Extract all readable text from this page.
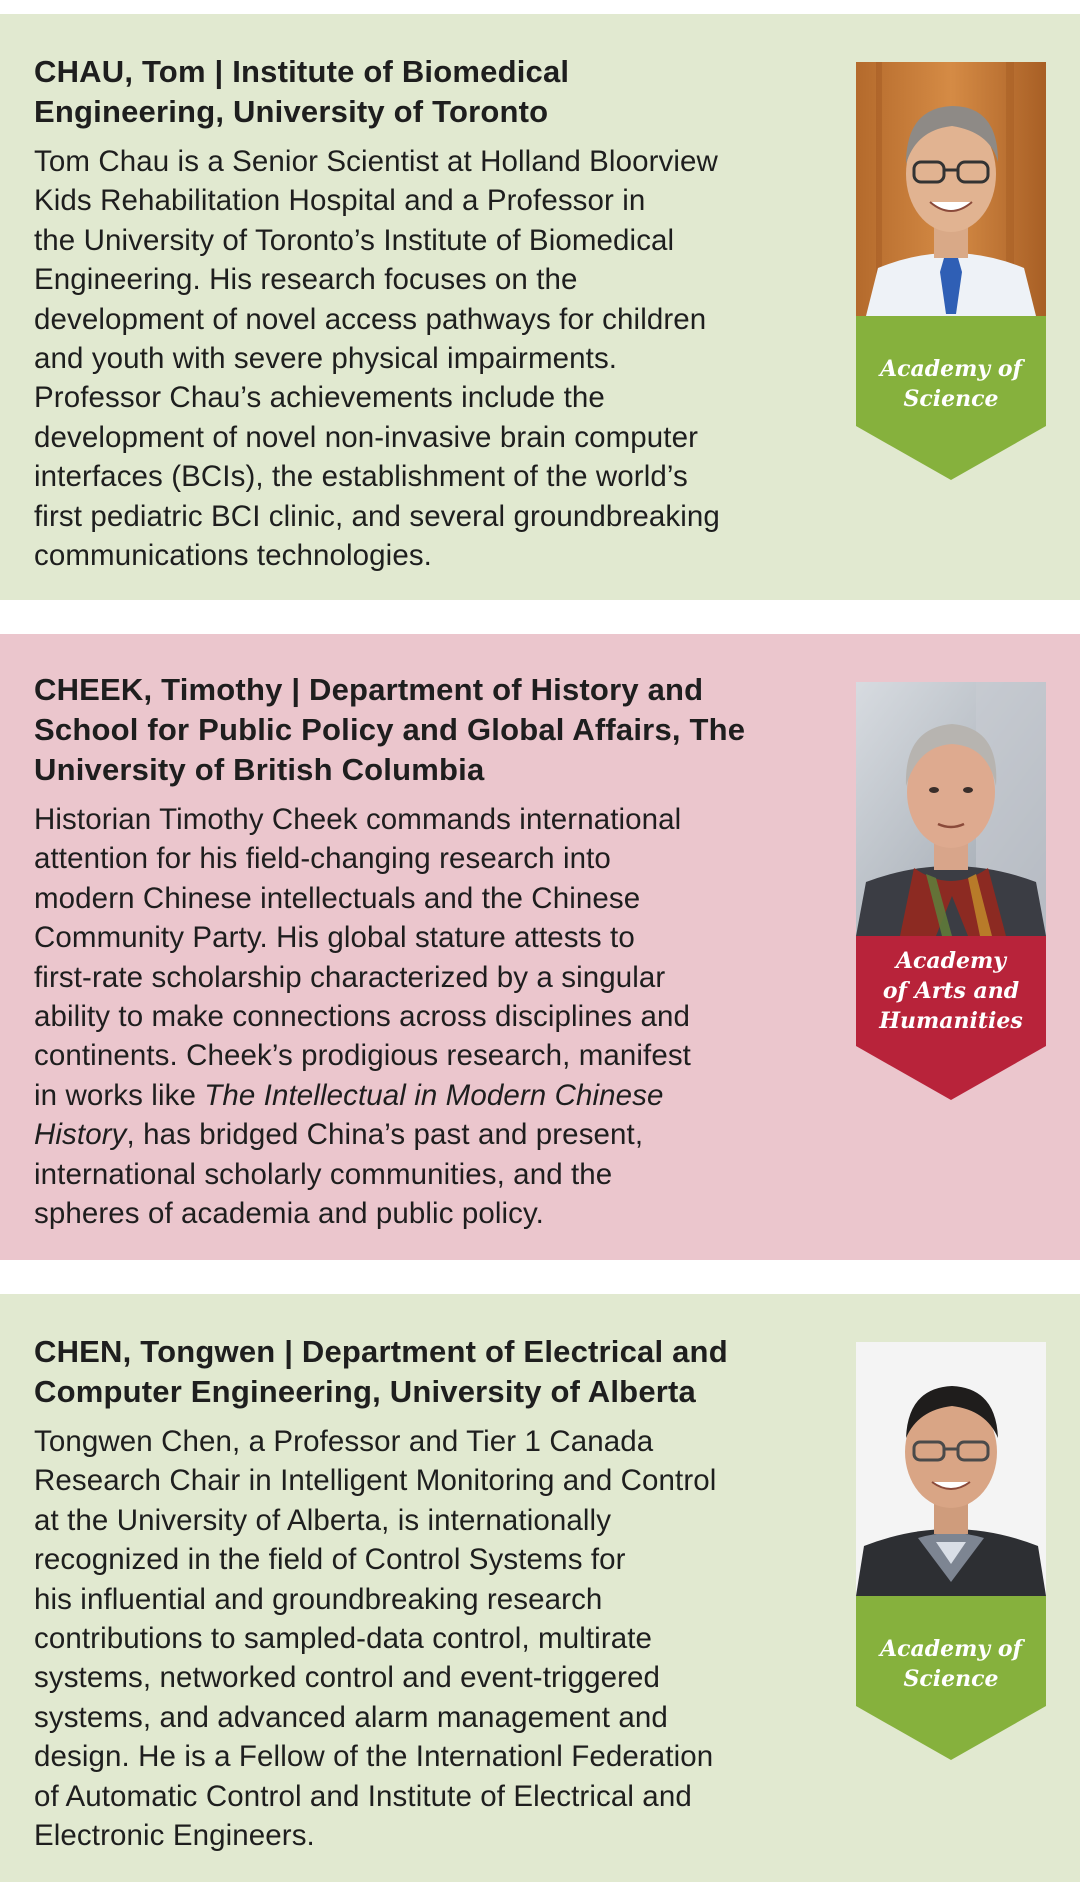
CHAU, Tom | Institute of Biomedical
Engineering, University of Toronto

Tom Chau is a Senior Scientist at Holland Bloorview
Kids Rehabilitation Hospital and a Professor in
the University of Toronto’s Institute of Biomedical
Engineering. His research focuses on the
development of novel access pathways for children
and youth with severe physical impairments.
Professor Chau’s achievements include the
development of novel non-invasive brain computer
interfaces (BCIs), the establishment of the world’s
first pediatric BCI clinic, and several groundbreaking
communications technologies.

Academy of
Science
CHEEK, Timothy | Department of History and
School for Public Policy and Global Affairs, The
University of British Columbia

Historian Timothy Cheek commands international
attention for his field-changing research into
modern Chinese intellectuals and the Chinese
Community Party. His global stature attests to
first-rate scholarship characterized by a singular
ability to make connections across disciplines and
continents. Cheek’s prodigious research, manifest
in works like The Intellectual in Modern Chinese
History, has bridged China’s past and present,
international scholarly communities, and the
spheres of academia and public policy.

Academy
of Arts and
Humanities
CHEN, Tongwen | Department of Electrical and
Computer Engineering, University of Alberta

Tongwen Chen, a Professor and Tier 1 Canada
Research Chair in Intelligent Monitoring and Control
at the University of Alberta, is internationally
recognized in the field of Control Systems for
his influential and groundbreaking research
contributions to sampled-data control, multirate
systems, networked control and event-triggered
systems, and advanced alarm management and
design. He is a Fellow of the Internationl Federation
of Automatic Control and Institute of Electrical and
Electronic Engineers.

Academy of
Science
